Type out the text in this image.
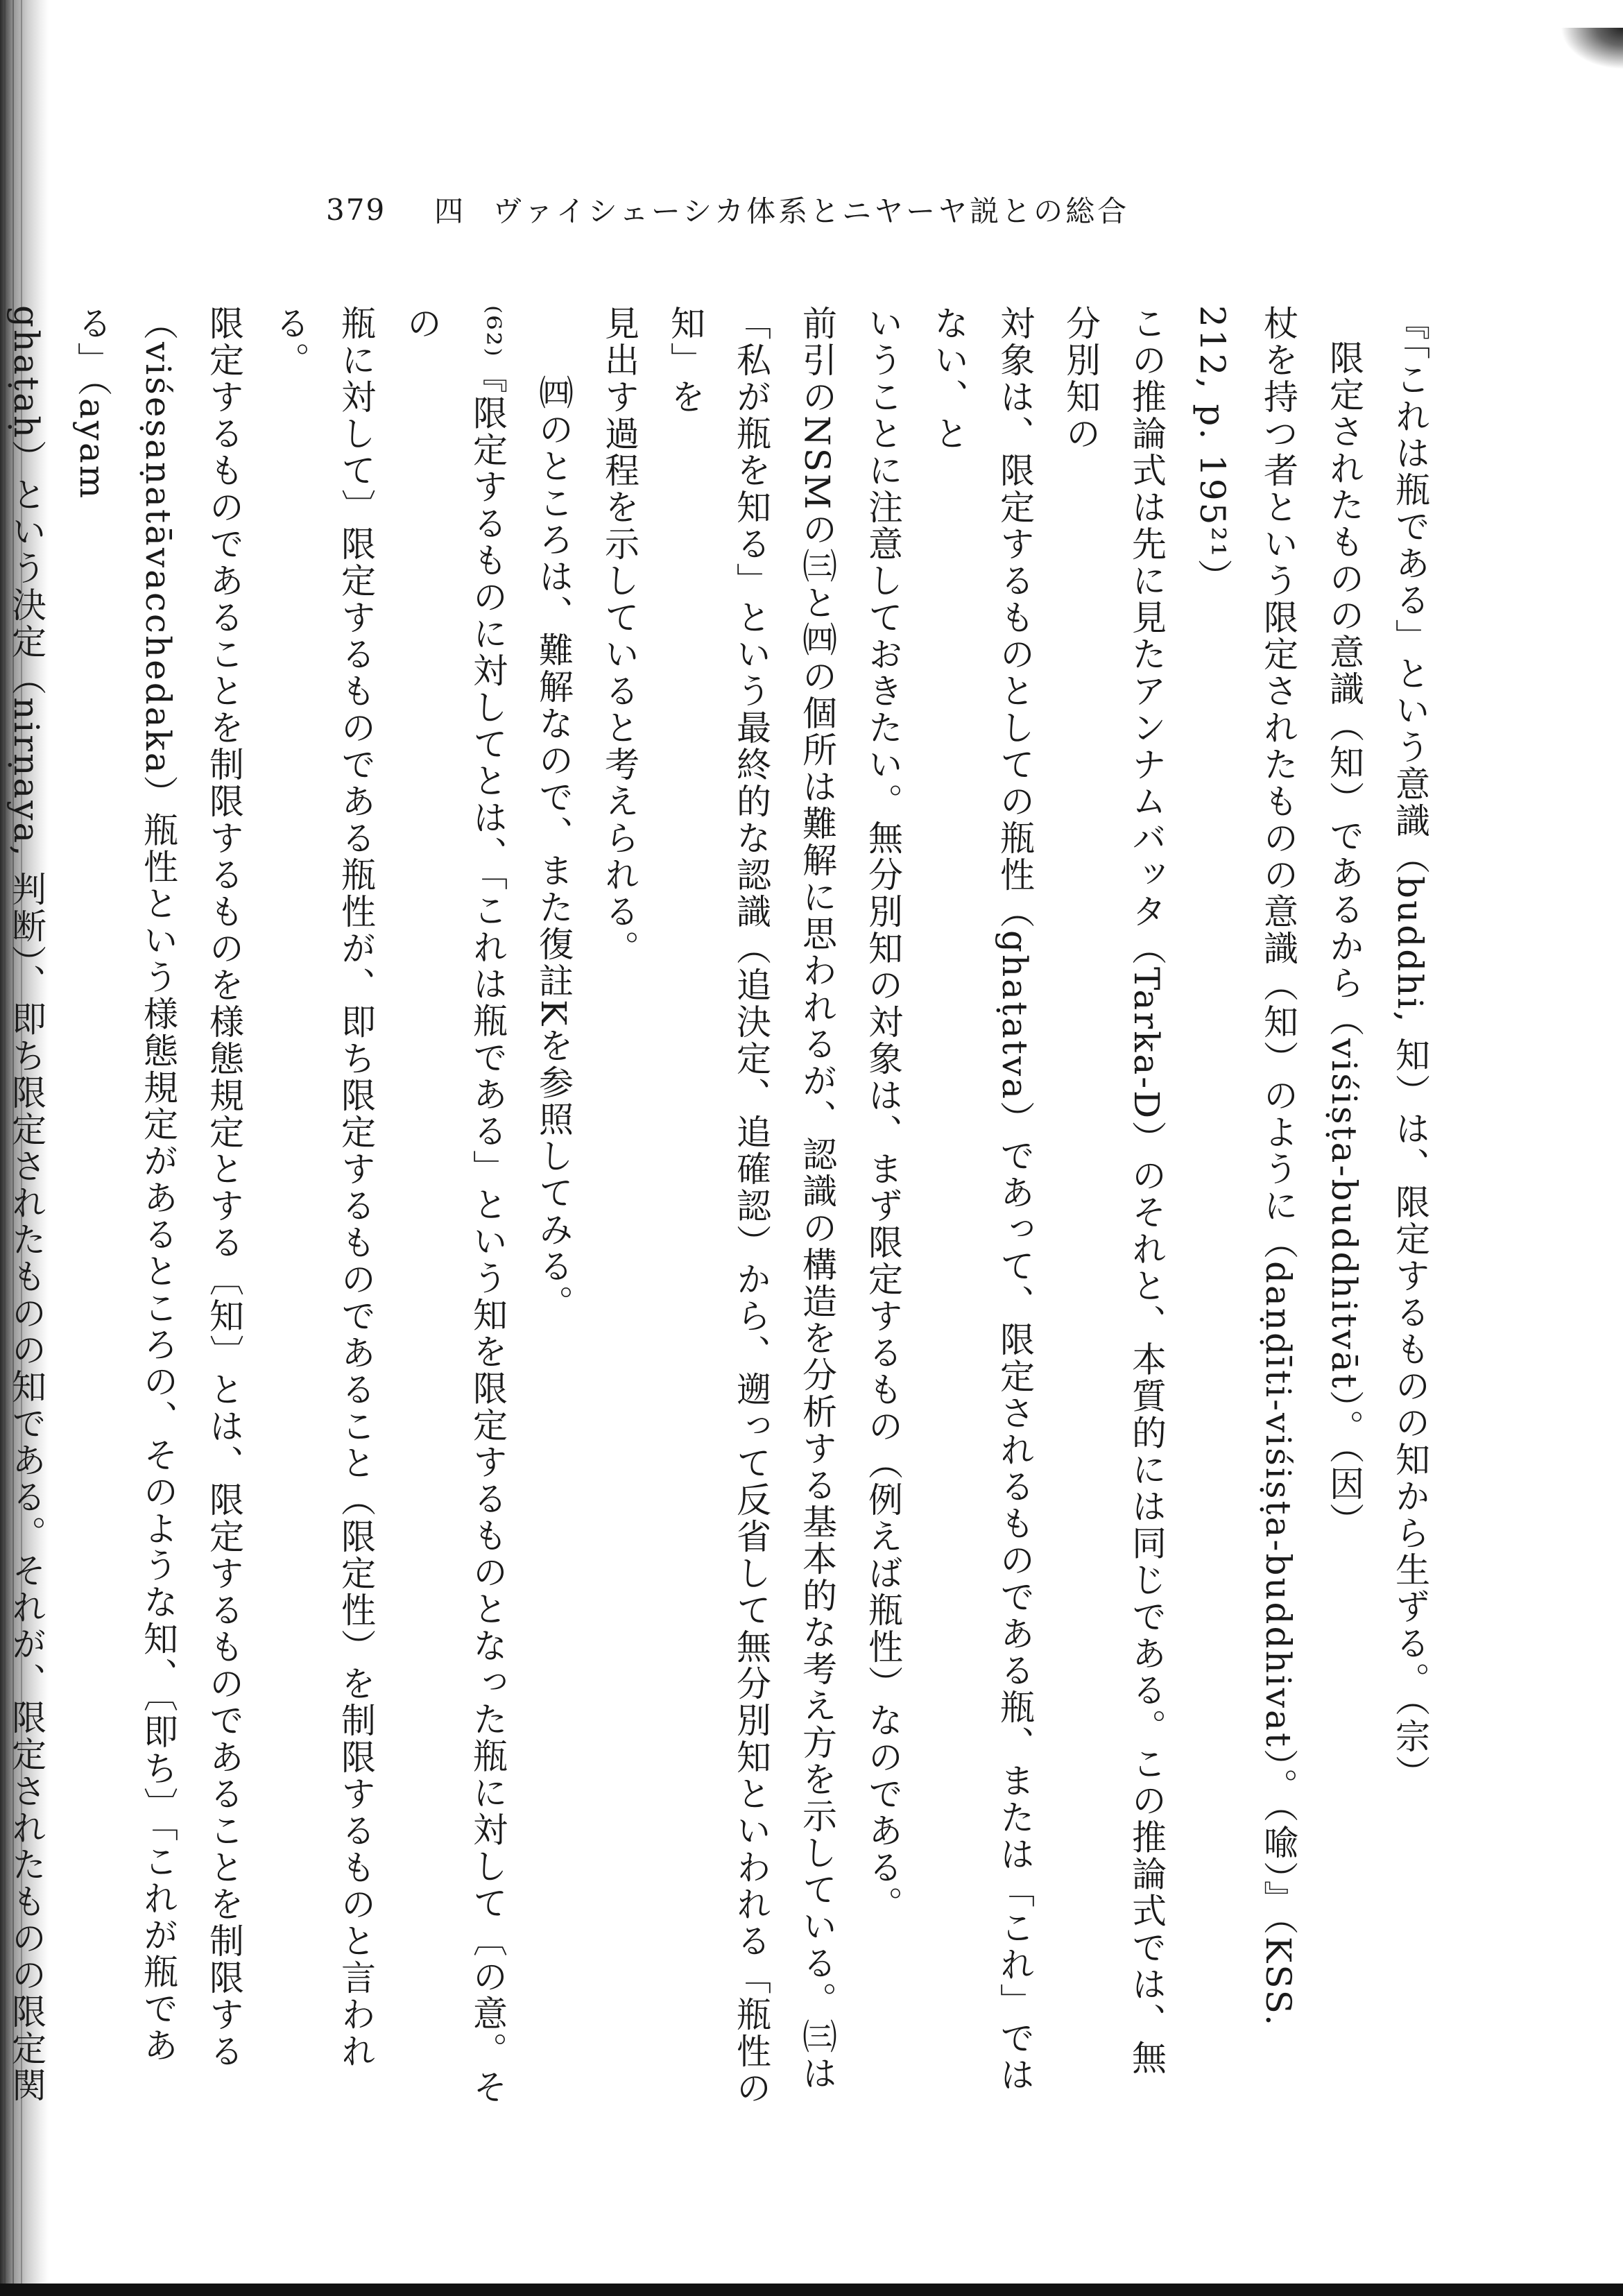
379 四 ヴァイシェーシカ体系とニヤーヤ説との総合
『「これは瓶である」という意識（buddhi, 知）は、限定するものの知から生ずる。（宗）
限定されたものの意識（知）であるから（viśiṣṭa-buddhitvāt）。（因）
杖を持つ者という限定されたものの意識（知）のように（daṇḍīti-viśiṣṭa-buddhivat）。（喩）』（KSS. 212, p. 195²¹）
この推論式は先に見たアンナムバッタ（Tarka-D）のそれと、本質的には同じである。この推論式では、無分別知の
対象は、限定するものとしての瓶性（ghaṭatva）であって、限定されるものである瓶、または「これ」ではない、と
いうことに注意しておきたい。無分別知の対象は、まず限定するもの（例えば瓶性）なのである。
前引のNSMの㈢と㈣の個所は難解に思われるが、認識の構造を分析する基本的な考え方を示している。㈢は
「私が瓶を知る」という最終的な認識（追決定、追確認）から、遡って反省して無分別知といわれる「瓶性の知」を
見出す過程を示していると考えられる。
㈣のところは、難解なので、また復註Kを参照してみる。
⁽⁶²⁾『限定するものに対してとは、「これは瓶である」という知を限定するものとなった瓶に対して〔の意。その
瓶に対して〕限定するものである瓶性が、即ち限定するものであること（限定性）を制限するものと言われる。
限定するものであることを制限するものを様態規定とする〔知〕とは、限定するものであることを制限する
（viśeṣaṇatāvacchedaka）瓶性という様態規定があるところの、そのような知、〔即ち〕「これが瓶である」（ayam
ghaṭaḥ）という決定（nirṇaya, 判断）、即ち限定されたものの知である。それが、限定されたものの限定関
